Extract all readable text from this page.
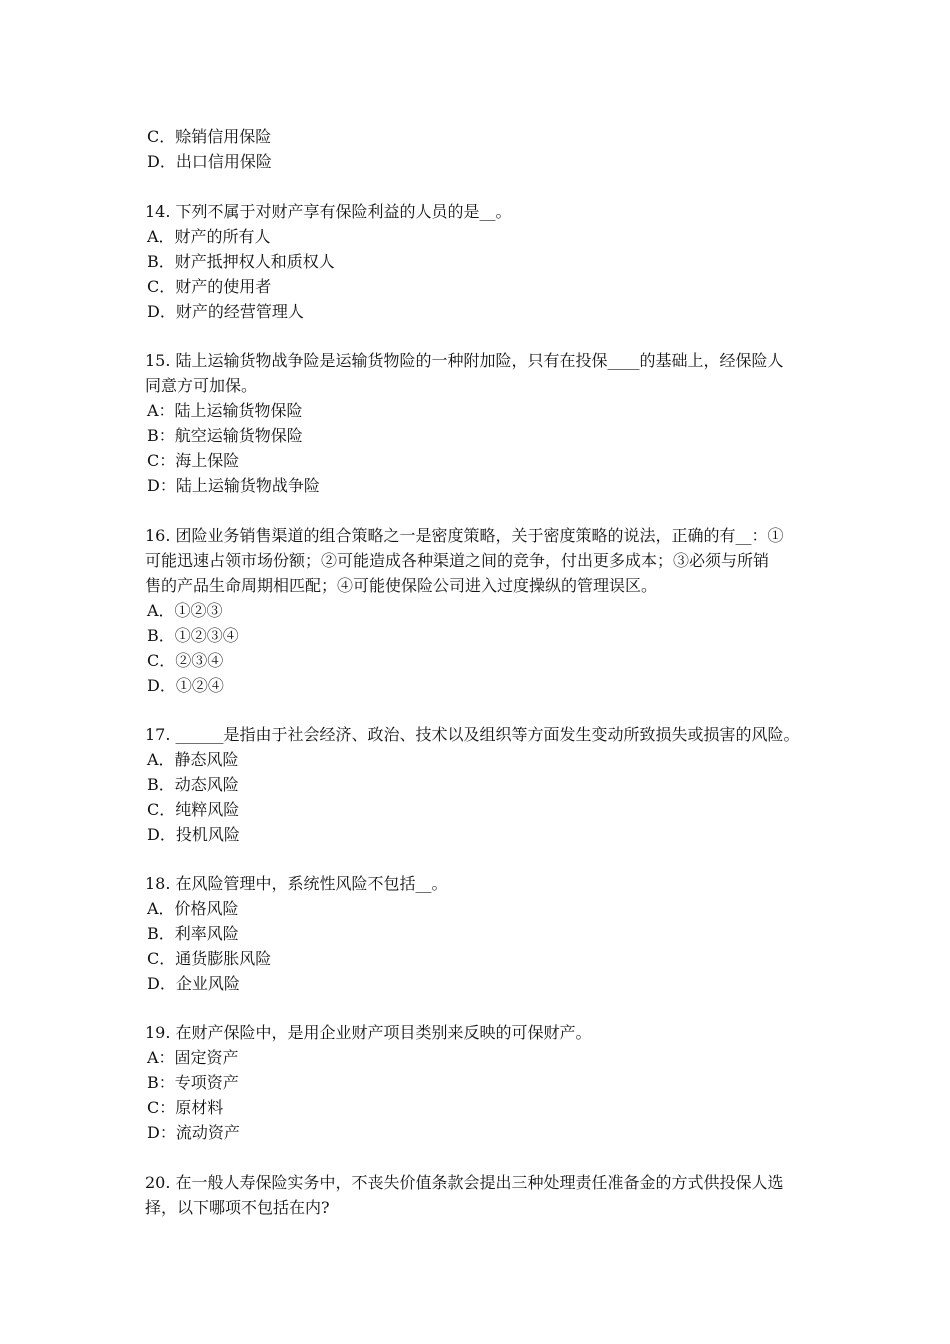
C．赊销信用保险
D．出口信用保险
14. 下列不属于对财产享有保险利益的人员的是__。
A．财产的所有人
B．财产抵押权人和质权人
C．财产的使用者
D．财产的经营管理人
15. 陆上运输货物战争险是运输货物险的一种附加险，只有在投保____的基础上，经保险人
同意方可加保。
A：陆上运输货物保险
B：航空运输货物保险
C：海上保险
D：陆上运输货物战争险
16. 团险业务销售渠道的组合策略之一是密度策略，关于密度策略的说法，正确的有__：①
可能迅速占领市场份额；②可能造成各种渠道之间的竞争，付出更多成本；③必须与所销
售的产品生命周期相匹配；④可能使保险公司进入过度操纵的管理误区。
A．①②③
B．①②③④
C．②③④
D．①②④
17. ______是指由于社会经济、政治、技术以及组织等方面发生变动所致损失或损害的风险。
A．静态风险
B．动态风险
C．纯粹风险
D．投机风险
18. 在风险管理中，系统性风险不包括__。
A．价格风险
B．利率风险
C．通货膨胀风险
D．企业风险
19. 在财产保险中，是用企业财产项目类别来反映的可保财产。
A：固定资产
B：专项资产
C：原材料
D：流动资产
20. 在一般人寿保险实务中，不丧失价值条款会提出三种处理责任准备金的方式供投保人选
择，以下哪项不包括在内?
